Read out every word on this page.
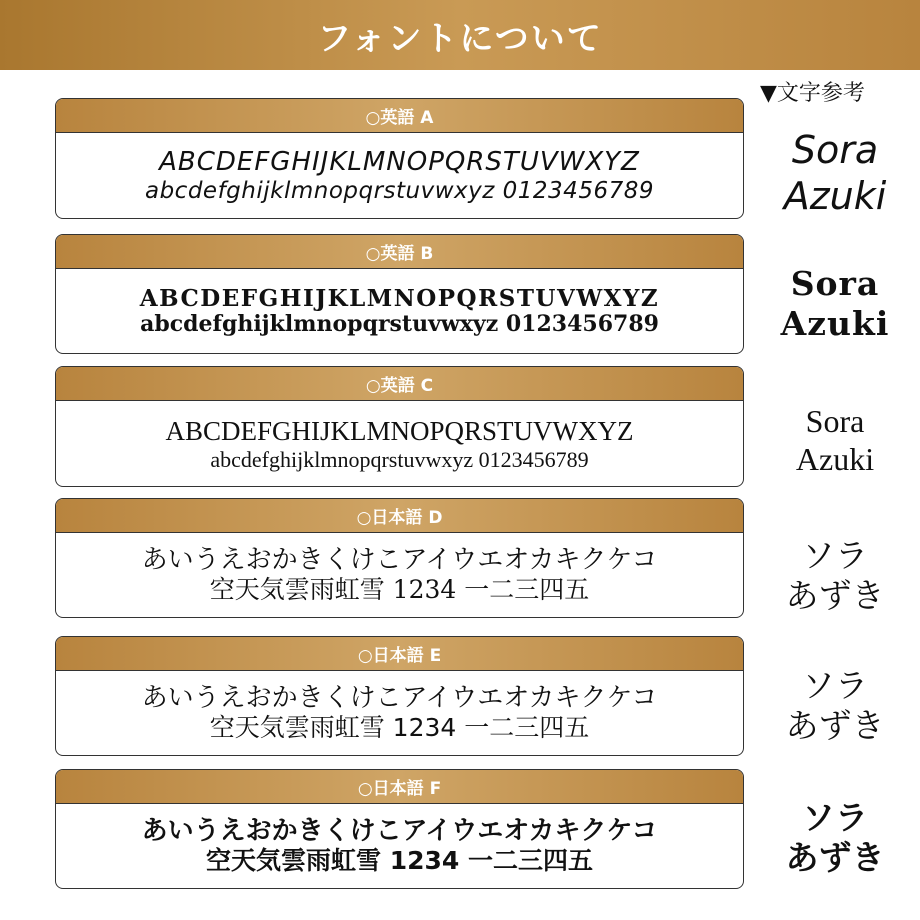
フォントについて
▼文字参考
○英語 A
ABCDEFGHIJKLMNOPQRSTUVWXYZ
abcdefghijklmnopqrstuvwxyz 0123456789
Sora
Azuki
○英語 B
ABCDEFGHIJKLMNOPQRSTUVWXYZ
abcdefghijklmnopqrstuvwxyz 0123456789
Sora
Azuki
○英語 C
ABCDEFGHIJKLMNOPQRSTUVWXYZ
abcdefghijklmnopqrstuvwxyz 0123456789
Sora
Azuki
○日本語 D
あいうえおかきくけこアイウエオカキクケコ
空天気雲雨虹雪 1234 一二三四五
ソラ
あずき
○日本語 E
あいうえおかきくけこアイウエオカキクケコ
空天気雲雨虹雪 1234 一二三四五
ソラ
あずき
○日本語 F
あいうえおかきくけこアイウエオカキクケコ
空天気雲雨虹雪 1234 一二三四五
ソラ
あずき
